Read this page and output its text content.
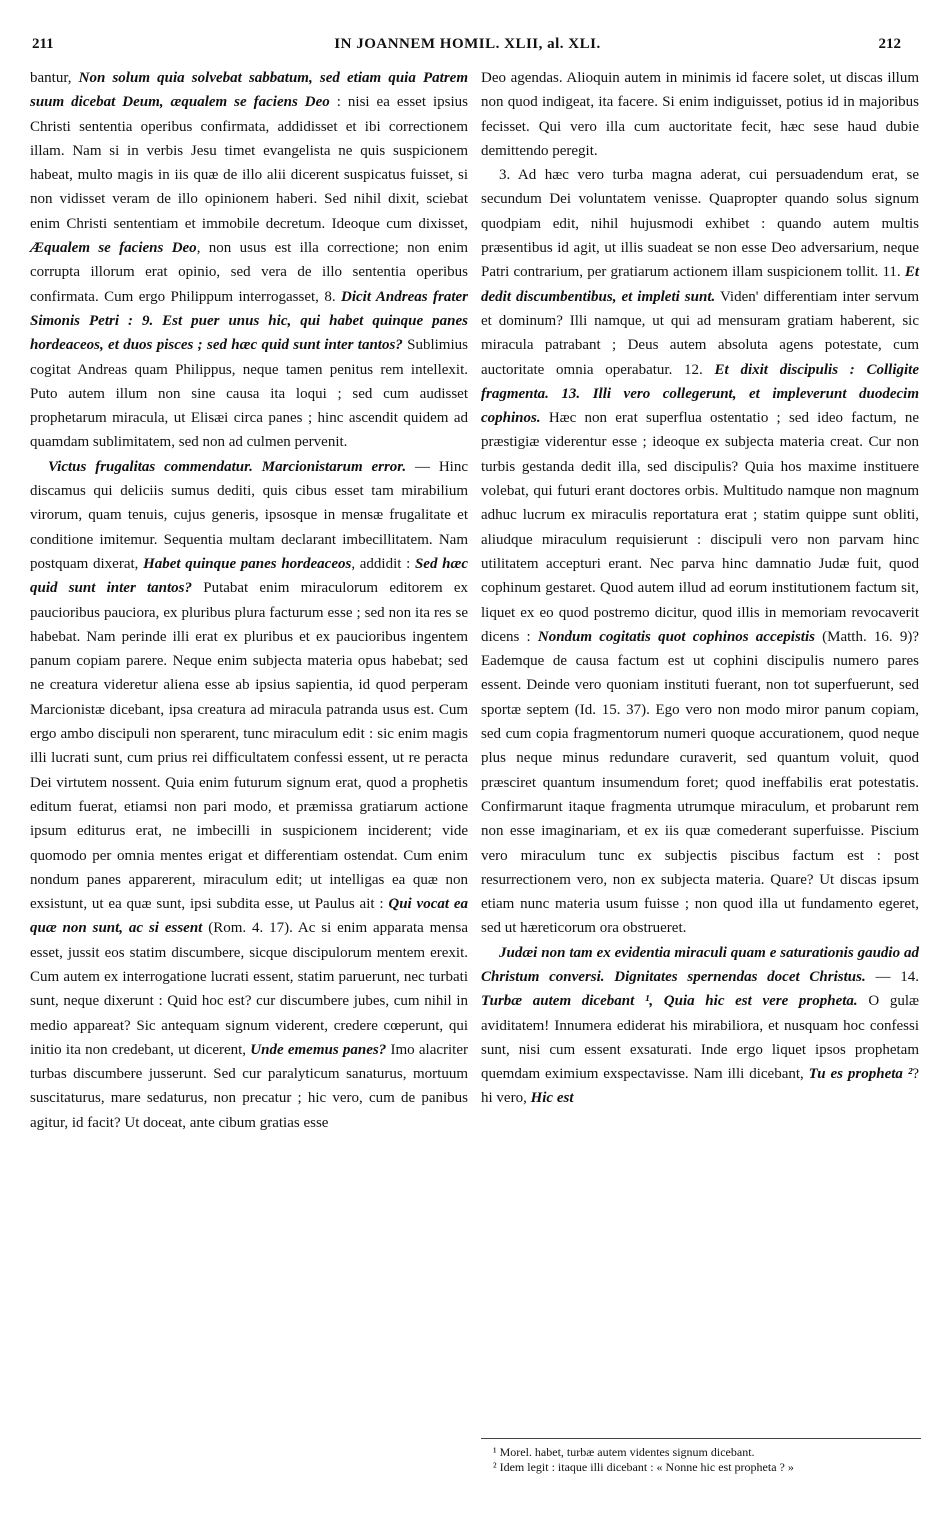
211	IN JOANNEM HOMIL. XLII, al. XLI.	212

bantur, Non solum quia solvebat sabbatum, sed etiam quia Patrem suum dicebat Deum, æqualem se faciens Deo : nisi ea esset ipsius Christi sententia operibus confirmata, addidisset et ibi correctionem illam. Nam si in verbis Jesu timet evangelista ne quis suspicionem habeat, multo magis in iis quæ de illo alii dicerent suspicatus fuisset, si non vidisset veram de illo opinionem haberi. Sed nihil dixit, sciebat enim Christi sententiam et immobile decretum. Ideoque cum dixisset, Æqualem se faciens Deo, non usus est illa correctione; non enim corrupta illorum erat opinio, sed vera de illo sententia operibus confirmata. Cum ergo Philippum interrogasset, 8. Dicit Andreas frater Simonis Petri : 9. Est puer unus hic, qui habet quinque panes hordeaceos, et duos pisces ; sed hæc quid sunt inter tantos? Sublimius cogitat Andreas quam Philippus, neque tamen penitus rem intellexit. Puto autem illum non sine causa ita loqui ; sed cum audisset prophetarum miracula, ut Elisæi circa panes ; hinc ascendit quidem ad quamdam sublimitatem, sed non ad culmen pervenit.

Victus frugalitas commendatur. Marcionistarum error. — Hinc discamus qui deliciis sumus dediti, quis cibus esset tam mirabilium virorum, quam tenuis, cujus generis, ipsosque in mensæ frugalitate et conditione imitemur. Sequentia multam declarant imbecillitatem. Nam postquam dixerat, Habet quinque panes hordeaceos, addidit : Sed hæc quid sunt inter tantos? Putabat enim miraculorum editorem ex paucioribus pauciora, ex pluribus plura facturum esse ; sed non ita res se habebat. Nam perinde illi erat ex pluribus et ex paucioribus ingentem panum copiam parere. Neque enim subjecta materia opus habebat; sed ne creatura videretur aliena esse ab ipsius sapientia, id quod perperam Marcionistæ dicebant, ipsa creatura ad miracula patranda usus est. Cum ergo ambo discipuli non sperarent, tunc miraculum edit : sic enim magis illi lucrati sunt, cum prius rei difficultatem confessi essent, ut re peracta Dei virtutem nossent. Quia enim futurum signum erat, quod a prophetis editum fuerat, etiamsi non pari modo, et præmissa gratiarum actione ipsum editurus erat, ne imbecilli in suspicionem inciderent; vide quomodo per omnia mentes erigat et differentiam ostendat. Cum enim nondum panes apparerent, miraculum edit; ut intelligas ea quæ non exsistunt, ut ea quæ sunt, ipsi subdita esse, ut Paulus ait : Qui vocat ea quæ non sunt, ac si essent (Rom. 4. 17). Ac si enim apparata mensa esset, jussit eos statim discumbere, sicque discipulorum mentem erexit. Cum autem ex interrogatione lucrati essent, statim paruerunt, nec turbati sunt, neque dixerunt : Quid hoc est? cur discumbere jubes, cum nihil in medio appareat? Sic antequam signum viderent, credere cœperunt, qui initio ita non credebant, ut dicerent, Unde ememus panes? Imo alacriter turbas discumbere jusserunt. Sed cur paralyticum sanaturus, mortuum suscitaturus, mare sedaturus, non precatur ; hic vero, cum de panibus agitur, id facit? Ut doceat, ante cibum gratias esse

Deo agendas. Alioquin autem in minimis id facere solet, ut discas illum non quod indigeat, ita facere. Si enim indiguisset, potius id in majoribus fecisset. Qui vero illa cum auctoritate fecit, hæc sese haud dubie demittendo peregit.

3. Ad hæc vero turba magna aderat, cui persuadendum erat, se secundum Dei voluntatem venisse. Quapropter quando solus signum quodpiam edit, nihil hujusmodi exhibet : quando autem multis præsentibus id agit, ut illis suadeat se non esse Deo adversarium, neque Patri contrarium, per gratiarum actionem illam suspicionem tollit. 11. Et dedit discumbentibus, et impleti sunt. Viden' differentiam inter servum et dominum? Illi namque, ut qui ad mensuram gratiam haberent, sic miracula patrabant ; Deus autem absoluta agens potestate, cum auctoritate omnia operabatur. 12. Et dixit discipulis : Colligite fragmenta. 13. Illi vero collegerunt, et impleverunt duodecim cophinos. Hæc non erat superflua ostentatio ; sed ideo factum, ne præstigiæ viderentur esse ; ideoque ex subjecta materia creat. Cur non turbis gestanda dedit illa, sed discipulis? Quia hos maxime instituere volebat, qui futuri erant doctores orbis. Multitudo namque non magnum adhuc lucrum ex miraculis reportatura erat ; statim quippe sunt obliti, aliudque miraculum requisierunt : discipuli vero non parvam hinc utilitatem accepturi erant. Nec parva hinc damnatio Judæ fuit, quod cophinum gestaret. Quod autem illud ad eorum institutionem factum sit, liquet ex eo quod postremo dicitur, quod illis in memoriam revocaverit dicens : Nondum cogitatis quot cophinos accepistis (Matth. 16. 9)? Eademque de causa factum est ut cophini discipulis numero pares essent. Deinde vero quoniam instituti fuerant, non tot superfuerunt, sed sportæ septem (Id. 15. 37). Ego vero non modo miror panum copiam, sed cum copia fragmentorum numeri quoque accurationem, quod neque plus neque minus redundare curaverit, sed quantum voluit, quod præsciret quantum insumendum foret; quod ineffabilis erat potestatis. Confirmarunt itaque fragmenta utrumque miraculum, et probarunt rem non esse imaginariam, et ex iis quæ comederant superfuisse. Piscium vero miraculum tunc ex subjectis piscibus factum est : post resurrectionem vero, non ex subjecta materia. Quare? Ut discas ipsum etiam nunc materia usum fuisse ; non quod illa ut fundamento egeret, sed ut hæreticorum ora obstrueret.

Judæi non tam ex evidentia miraculi quam e saturationis gaudio ad Christum conversi. Dignitates spernendas docet Christus. — 14. Turbæ autem dicebant ¹, Quia hic est vere propheta. O gulæ aviditatem! Innumera ediderat his mirabiliora, et nusquam hoc confessi sunt, nisi cum essent exsaturati. Inde ergo liquet ipsos prophetam quemdam eximium exspectavisse. Nam illi dicebant, Tu es propheta ²? hi vero, Hic est

¹ Morel. habet, turbæ autem videntes signum dicebant.
² Idem legit : itaque illi dicebant : « Nonne hic est propheta ? »
